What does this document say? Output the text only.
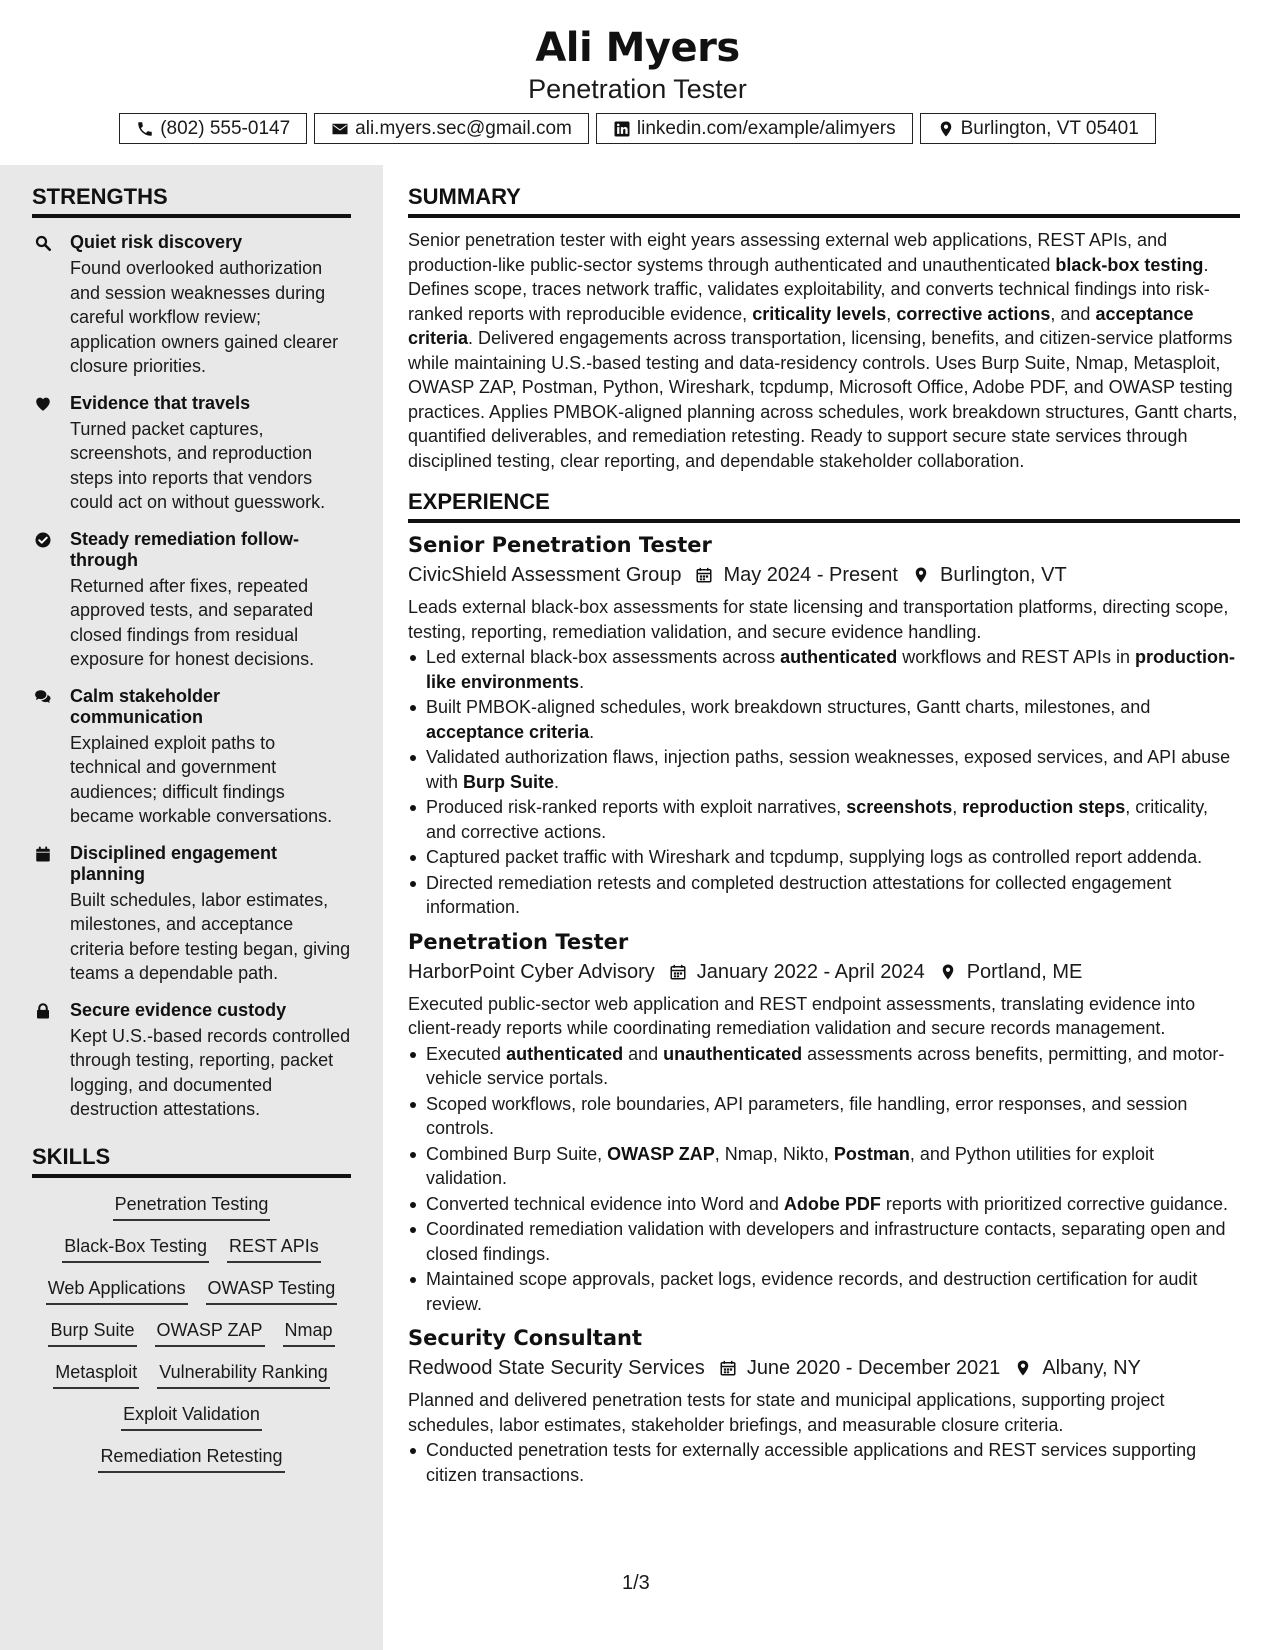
Ali Myers
Penetration Tester
(802) 555-0147	ali.myers.sec@gmail.com	linkedin.com/example/alimyers	Burlington, VT 05401
STRENGTHS
Quiet risk discovery
Found overlooked authorization and session weaknesses during careful workflow review; application owners gained clearer closure priorities.
Evidence that travels
Turned packet captures, screenshots, and reproduction steps into reports that vendors could act on without guesswork.
Steady remediation follow-through
Returned after fixes, repeated approved tests, and separated closed findings from residual exposure for honest decisions.
Calm stakeholder communication
Explained exploit paths to technical and government audiences; difficult findings became workable conversations.
Disciplined engagement planning
Built schedules, labor estimates, milestones, and acceptance criteria before testing began, giving teams a dependable path.
Secure evidence custody
Kept U.S.-based records controlled through testing, reporting, packet logging, and documented destruction attestations.
SKILLS
Penetration Testing
Black-Box Testing REST APIs
Web Applications OWASP Testing
Burp Suite OWASP ZAP Nmap
Metasploit Vulnerability Ranking
Exploit Validation
Remediation Retesting
SUMMARY
Senior penetration tester with eight years assessing external web applications, REST APIs, and production-like public-sector systems through authenticated and unauthenticated black-box testing. Defines scope, traces network traffic, validates exploitability, and converts technical findings into risk-ranked reports with reproducible evidence, criticality levels, corrective actions, and acceptance criteria. Delivered engagements across transportation, licensing, benefits, and citizen-service platforms while maintaining U.S.-based testing and data-residency controls. Uses Burp Suite, Nmap, Metasploit, OWASP ZAP, Postman, Python, Wireshark, tcpdump, Microsoft Office, Adobe PDF, and OWASP testing practices. Applies PMBOK-aligned planning across schedules, work breakdown structures, Gantt charts, quantified deliverables, and remediation retesting. Ready to support secure state services through disciplined testing, clear reporting, and dependable stakeholder collaboration.
EXPERIENCE
Senior Penetration Tester
CivicShield Assessment Group May 2024 - Present Burlington, VT
Leads external black-box assessments for state licensing and transportation platforms, directing scope, testing, reporting, remediation validation, and secure evidence handling.
Led external black-box assessments across authenticated workflows and REST APIs in production-like environments.
Built PMBOK-aligned schedules, work breakdown structures, Gantt charts, milestones, and acceptance criteria.
Validated authorization flaws, injection paths, session weaknesses, exposed services, and API abuse with Burp Suite.
Produced risk-ranked reports with exploit narratives, screenshots, reproduction steps, criticality, and corrective actions.
Captured packet traffic with Wireshark and tcpdump, supplying logs as controlled report addenda.
Directed remediation retests and completed destruction attestations for collected engagement information.
Penetration Tester
HarborPoint Cyber Advisory January 2022 - April 2024 Portland, ME
Executed public-sector web application and REST endpoint assessments, translating evidence into client-ready reports while coordinating remediation validation and secure records management.
Executed authenticated and unauthenticated assessments across benefits, permitting, and motor-vehicle service portals.
Scoped workflows, role boundaries, API parameters, file handling, error responses, and session controls.
Combined Burp Suite, OWASP ZAP, Nmap, Nikto, Postman, and Python utilities for exploit validation.
Converted technical evidence into Word and Adobe PDF reports with prioritized corrective guidance.
Coordinated remediation validation with developers and infrastructure contacts, separating open and closed findings.
Maintained scope approvals, packet logs, evidence records, and destruction certification for audit review.
Security Consultant
Redwood State Security Services June 2020 - December 2021 Albany, NY
Planned and delivered penetration tests for state and municipal applications, supporting project schedules, labor estimates, stakeholder briefings, and measurable closure criteria.
Conducted penetration tests for externally accessible applications and REST services supporting citizen transactions.
1/3
